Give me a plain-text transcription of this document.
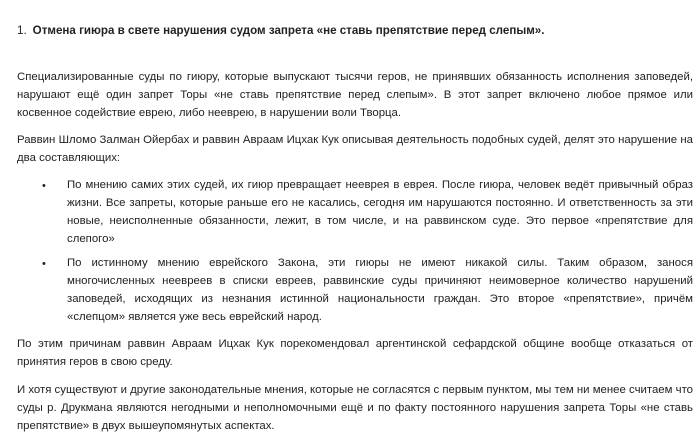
1. Отмена гиюра в свете нарушения судом запрета «не ставь препятствие перед слепым».

Специализированные суды по гиюру, которые выпускают тысячи геров, не принявших обязанность исполнения заповедей, нарушают ещё один запрет Торы «не ставь препятствие перед слепым». В этот запрет включено любое прямое или косвенное содействие еврею, либо нееврею, в нарушении воли Творца.

Раввин Шломо Залман Ойербах и раввин Авраам Ицхак Кук описывая деятельность подобных судей, делят это нарушение на два составляющих:

• По мнению самих этих судей, их гиюр превращает нееврея в еврея. После гиюра, человек ведёт привычный образ жизни. Все запреты, которые раньше его не касались, сегодня им нарушаются постоянно. И ответственность за эти новые, неисполненные обязанности, лежит, в том числе, и на раввинском суде. Это первое «препятствие для слепого»

• По истинному мнению еврейского Закона, эти гиюры не имеют никакой силы. Таким образом, занося многочисленных неевреев в списки евреев, раввинские суды причиняют неимоверное количество нарушений заповедей, исходящих из незнания истинной национальности граждан. Это второе «препятствие», причём «слепцом» является уже весь еврейский народ.

По этим причинам раввин Авраам Ицхак Кук порекомендовал аргентинской сефардской общине вообще отказаться от принятия геров в свою среду.

И хотя существуют и другие законодательные мнения, которые не согласятся с первым пунктом, мы тем ни менее считаем что суды р. Друкмана являются негодными и неполномочными ещё и по факту постоянного нарушения запрета Торы «не ставь препятствие» в двух вышеупомянутых аспектах.
